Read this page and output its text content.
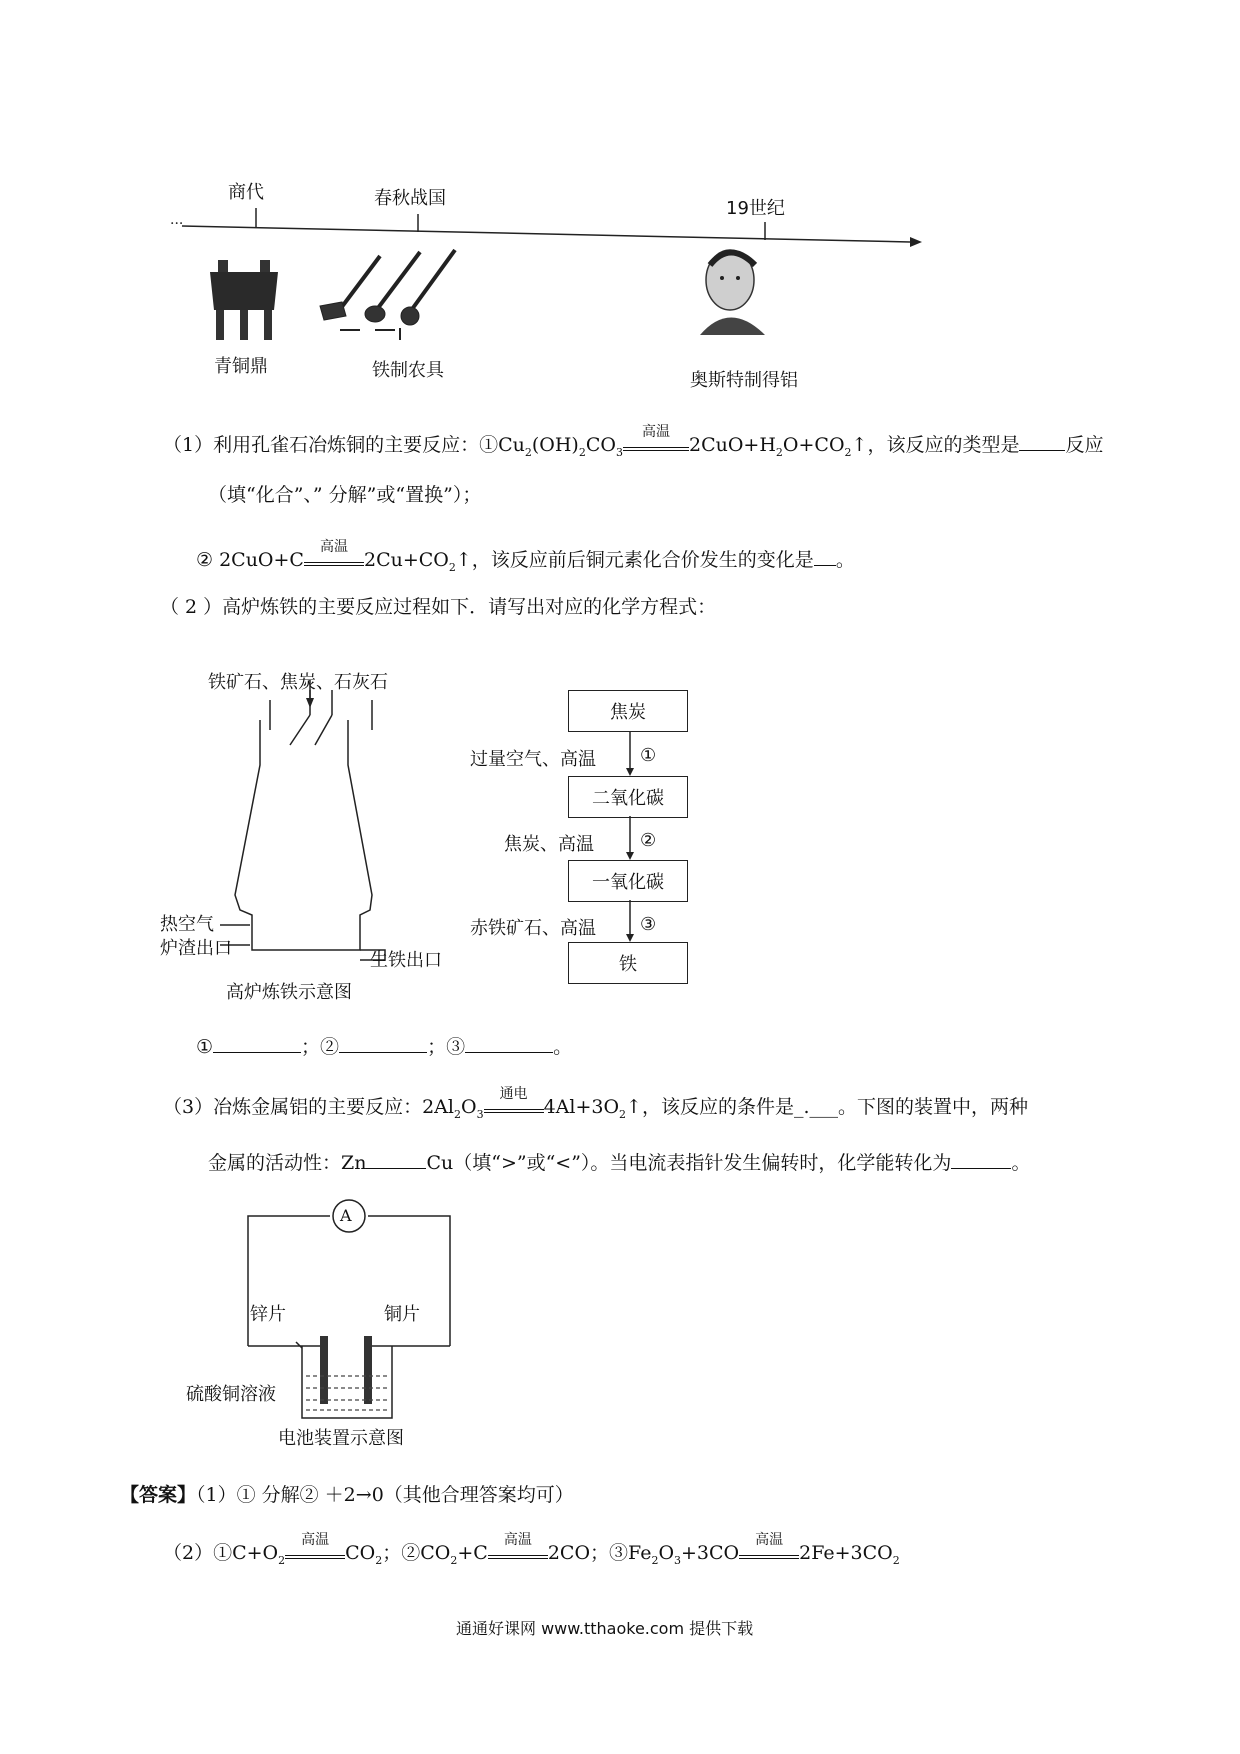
···
商代	春秋战国	19世纪
青铜鼎	铁制农具	奥斯特制得铝
（1）利用孔雀石冶炼铜的主要反应：$①Cu_2(OH)_2CO_3$
高温
$2CuO+H_2O+CO_2↑$，该反应的类型是 反应
（填“化合”、” 分解”或“置换”）；
② 2CuO+C
高温
$2Cu+CO_2↑$，该反应前后铜元素化合价发生的变化是 。
（ 2 ）高炉炼铁的主要反应过程如下．请写出对应的化学方程式：
铁矿石、焦炭、石灰石
热空气
炉渣出口
生铁出口
高炉炼铁示意图
焦炭
二氧化碳
一氧化碳
铁
过量空气、高温 ①
焦炭、高温	②
赤铁矿石、高温 ③
①	；②	；③	。
（3）冶炼金属铝的主要反应：$2Al_2O_3$
通电
$4Al+3O_2↑$，该反应的条件是_.___。下图的装置中，两种
金属的活动性：Zn	Cu（填“>”或“<”）。当电流表指针发生偏转时，化学能转化为	。
A
锌片	铜片
硫酸铜溶液
电池装置示意图
【答案】（1）① 分解② ＋2→0（其他合理答案均可）
$(2)①C+O_2$
高温
$CO_2$；$②CO_2+C$
高温
2CO；$③Fe_2O_3+3CO$
高温
$2Fe+3CO_2$
通通好课网 www.tthaoke.com 提供下载
